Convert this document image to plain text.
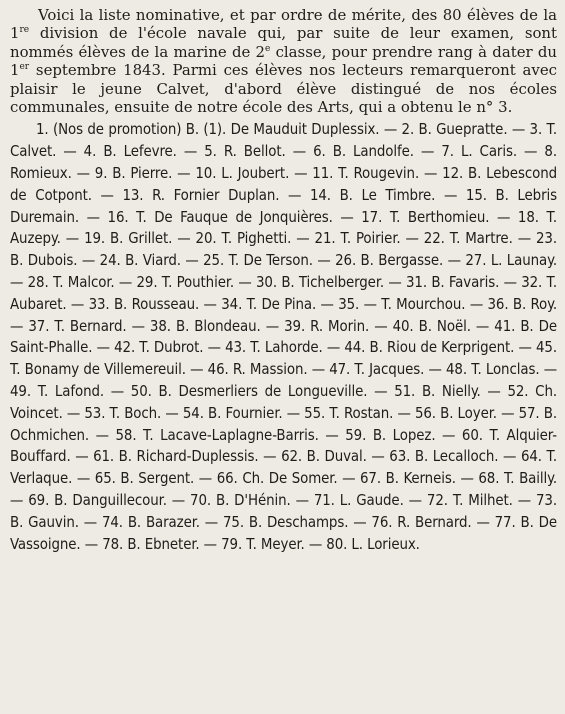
Voici la liste nominative, et par ordre de mérite, des 80 élèves de la 1re division de l'école navale qui, par suite de leur examen, sont nommés élèves de la marine de 2e classe, pour prendre rang à dater du 1er septembre 1843. Parmi ces élèves nos lecteurs remarqueront avec plaisir le jeune Calvet, d'abord élève distingué de nos écoles communales, ensuite de notre école des Arts, qui a obtenu le n° 3.

1. (Nos de promotion) B. (1). De Mauduit Duplessix. — 2. B. Guepratte. — 3. T. Calvet. — 4. B. Lefevre. — 5. R. Bellot. — 6. B. Landolfe. — 7. L. Caris. — 8. Romieux. — 9. B. Pierre. — 10. L. Joubert. — 11. T. Rougevin. — 12. B. Lebescond de Cotpont. — 13. R. Fornier Duplan. — 14. B. Le Timbre. — 15. B. Lebris Duremain. — 16. T. De Fauque de Jonquières. — 17. T. Berthomieu. — 18. T. Auzepy. — 19. B. Grillet. — 20. T. Pighetti. — 21. T. Poirier. — 22. T. Martre. — 23. B. Dubois. — 24. B. Viard. — 25. T. De Terson. — 26. B. Bergasse. — 27. L. Launay. — 28. T. Malcor. — 29. T. Pouthier. — 30. B. Tichelberger. — 31. B. Favaris. — 32. T. Aubaret. — 33. B. Rousseau. — 34. T. De Pina. — 35. — T. Mourchou. — 36. B. Roy. — 37. T. Bernard. — 38. B. Blondeau. — 39. R. Morin. — 40. B. Noël. — 41. B. De Saint-Phalle. — 42. T. Dubrot. — 43. T. Lahorde. — 44. B. Riou de Kerprigent. — 45. T. Bonamy de Villemereuil. — 46. R. Massion. — 47. T. Jacques. — 48. T. Lonclas. — 49. T. Lafond. — 50. B. Desmerliers de Longueville. — 51. B. Nielly. — 52. Ch. Voincet. — 53. T. Boch. — 54. B. Fournier. — 55. T. Rostan. — 56. B. Loyer. — 57. B. Ochmichen. — 58. T. Lacave-Laplagne-Barris. — 59. B. Lopez. — 60. T. Alquier-Bouffard. — 61. B. Richard-Duplessis. — 62. B. Duval. — 63. B. Lecalloch. — 64. T. Verlaque. — 65. B. Sergent. — 66. Ch. De Somer. — 67. B. Kerneis. — 68. T. Bailly. — 69. B. Danguillecour. — 70. B. D'Hénin. — 71. L. Gaude. — 72. T. Milhet. — 73. B. Gauvin. — 74. B. Barazer. — 75. B. Deschamps. — 76. R. Bernard. — 77. B. De Vassoigne. — 78. B. Ebneter. — 79. T. Meyer. — 80. L. Lorieux.
